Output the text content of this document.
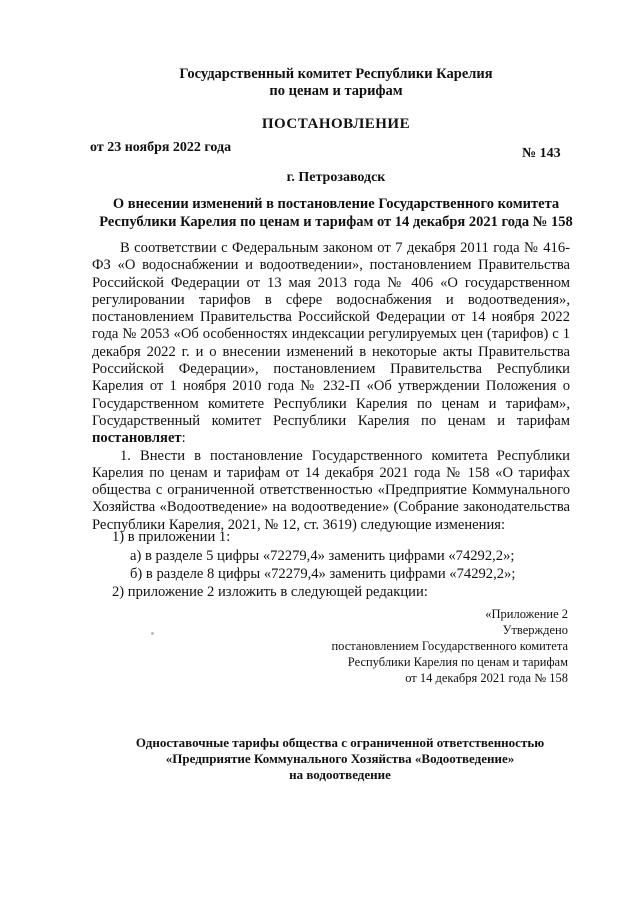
Государственный комитет Республики Карелия
по ценам и тарифам
ПОСТАНОВЛЕНИЕ
от 23 ноября 2022 года	№ 143
г. Петрозаводск
О внесении изменений в постановление Государственного комитета
Республики Карелия по ценам и тарифам от 14 декабря 2021 года № 158

В соответствии с Федеральным законом от 7 декабря 2011 года № 416-ФЗ «О водоснабжении и водоотведении», постановлением Правительства Российской Федерации от 13 мая 2013 года № 406 «О государственном регулировании тарифов в сфере водоснабжения и водоотведения», постановлением Правительства Российской Федерации от 14 ноября 2022 года № 2053 «Об особенностях индексации регулируемых цен (тарифов) с 1 декабря 2022 г. и о внесении изменений в некоторые акты Правительства Российской Федерации», постановлением Правительства Республики Карелия от 1 ноября 2010 года № 232-П «Об утверждении Положения о Государственном комитете Республики Карелия по ценам и тарифам», Государственный комитет Республики Карелия по ценам и тарифам постановляет:

1. Внести в постановление Государственного комитета Республики Карелия по ценам и тарифам от 14 декабря 2021 года № 158 «О тарифах общества с ограниченной ответственностью «Предприятие Коммунального Хозяйства «Водоотведение» на водоотведение» (Собрание законодательства Республики Карелия, 2021, № 12, ст. 3619) следующие изменения:

1) в приложении 1:
а) в разделе 5 цифры «72279,4» заменить цифрами «74292,2»;
б) в разделе 8 цифры «72279,4» заменить цифрами «74292,2»;
2) приложение 2 изложить в следующей редакции:
«Приложение 2
Утверждено
постановлением Государственного комитета
Республики Карелия по ценам и тарифам
от 14 декабря 2021 года № 158
Одноставочные тарифы общества с ограниченной ответственностью
«Предприятие Коммунального Хозяйства «Водоотведение»
на водоотведение
